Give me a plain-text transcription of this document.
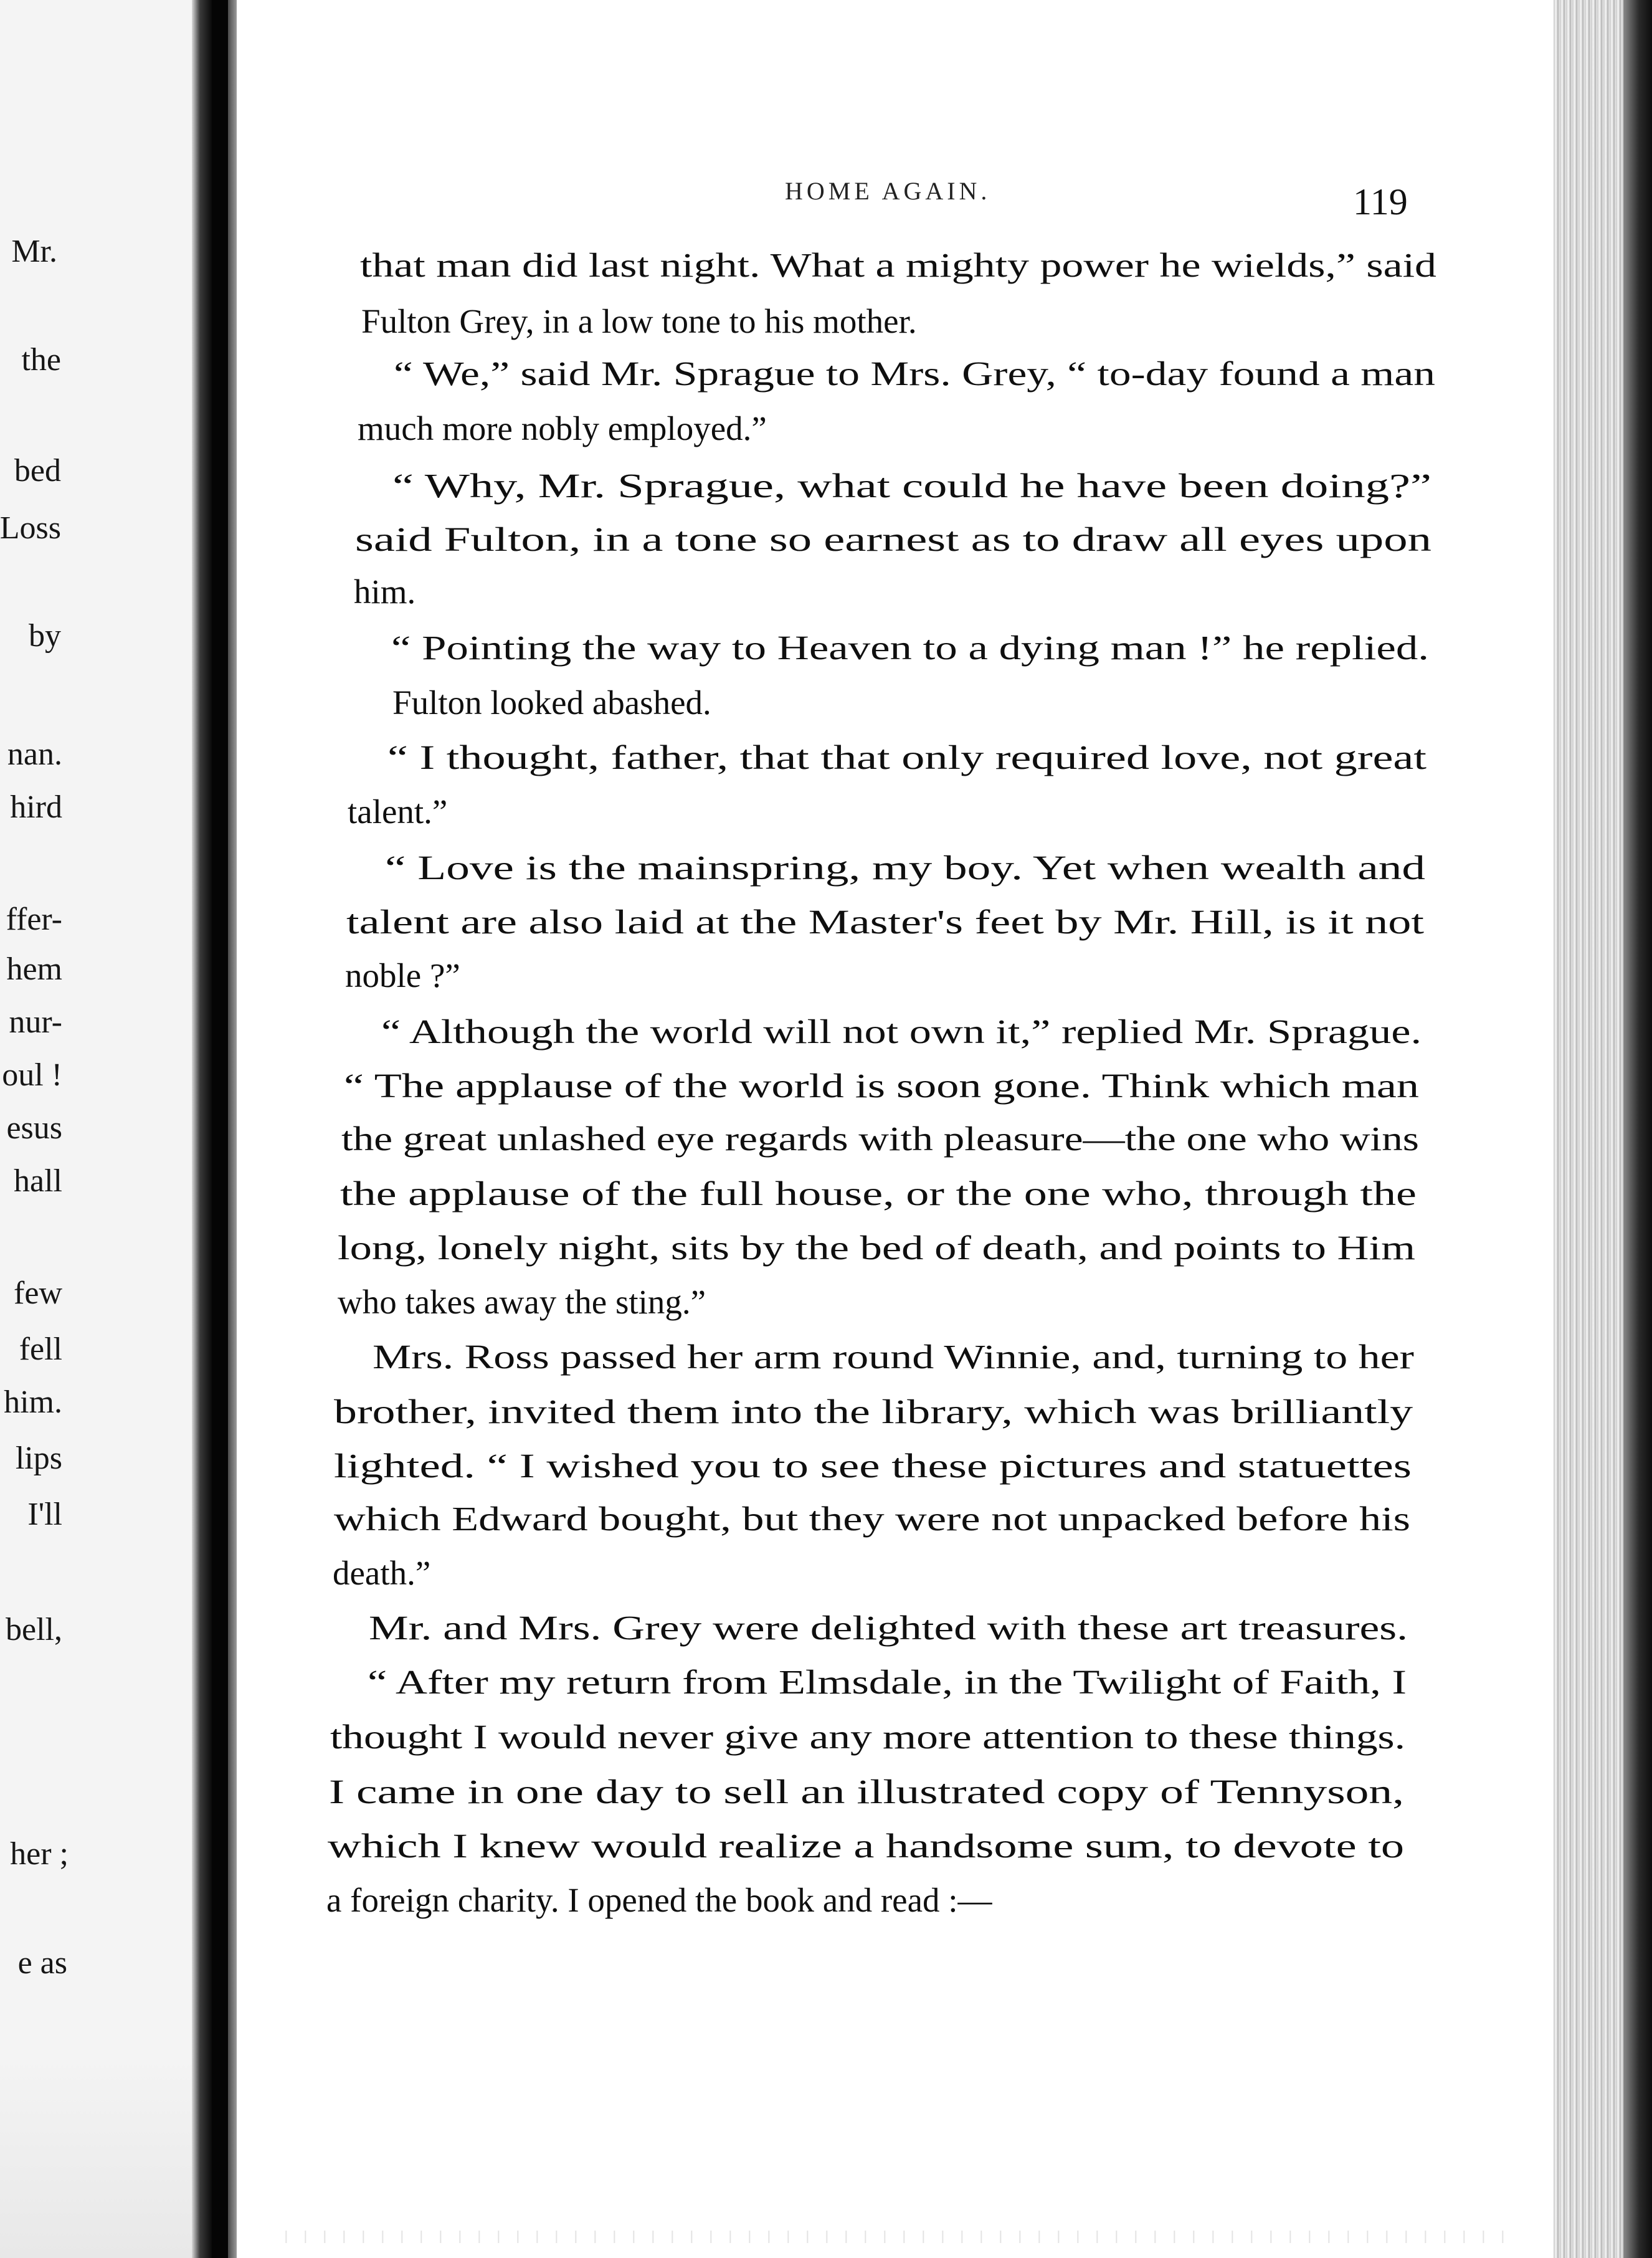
Mr.
the
bed
Loss
by
nan.
hird
ffer-
hem
nur-
oul !
esus
hall
few
fell
him.
lips
I'll
bell,
her ;
e as
HOME AGAIN.	119
that man did last night. What a mighty power he wields,” said
Fulton Grey, in a low tone to his mother.
“ We,” said Mr. Sprague to Mrs. Grey, “ to-day found a man
much more nobly employed.”
“ Why, Mr. Sprague, what could he have been doing?”
said Fulton, in a tone so earnest as to draw all eyes upon
him.
“ Pointing the way to Heaven to a dying man !” he replied.
Fulton looked abashed.
“ I thought, father, that that only required love, not great
talent.”
“ Love is the mainspring, my boy. Yet when wealth and
talent are also laid at the Master's feet by Mr. Hill, is it not
noble ?”
“ Although the world will not own it,” replied Mr. Sprague.
“ The applause of the world is soon gone. Think which man
the great unlashed eye regards with pleasure—the one who wins
the applause of the full house, or the one who, through the
long, lonely night, sits by the bed of death, and points to Him
who takes away the sting.”
Mrs. Ross passed her arm round Winnie, and, turning to her
brother, invited them into the library, which was brilliantly
lighted. “ I wished you to see these pictures and statuettes
which Edward bought, but they were not unpacked before his
death.”
Mr. and Mrs. Grey were delighted with these art treasures.
“ After my return from Elmsdale, in the Twilight of Faith, I
thought I would never give any more attention to these things.
I came in one day to sell an illustrated copy of Tennyson,
which I knew would realize a handsome sum, to devote to
a foreign charity. I opened the book and read :—
